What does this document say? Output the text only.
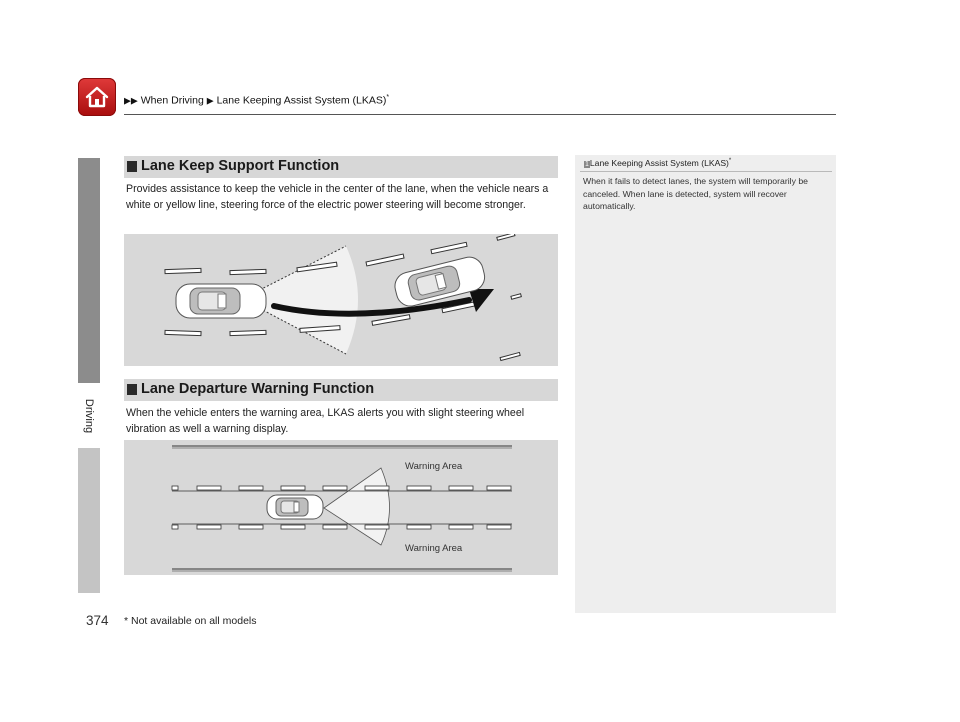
▶▶ When Driving ▶ Lane Keeping Assist System (LKAS)*
Driving
Lane Keep Support Function
Provides assistance to keep the vehicle in the center of the lane, when the vehicle nears a white or yellow line, steering force of the electric power steering will become stronger.
Lane Departure Warning Function
When the vehicle enters the warning area, LKAS alerts you with slight steering wheel vibration as well a warning display.
Warning Area
Warning Area
1Lane Keeping Assist System (LKAS)*
When it fails to detect lanes, the system will temporarily be canceled. When lane is detected, system will recover automatically.
374 * Not available on all models
